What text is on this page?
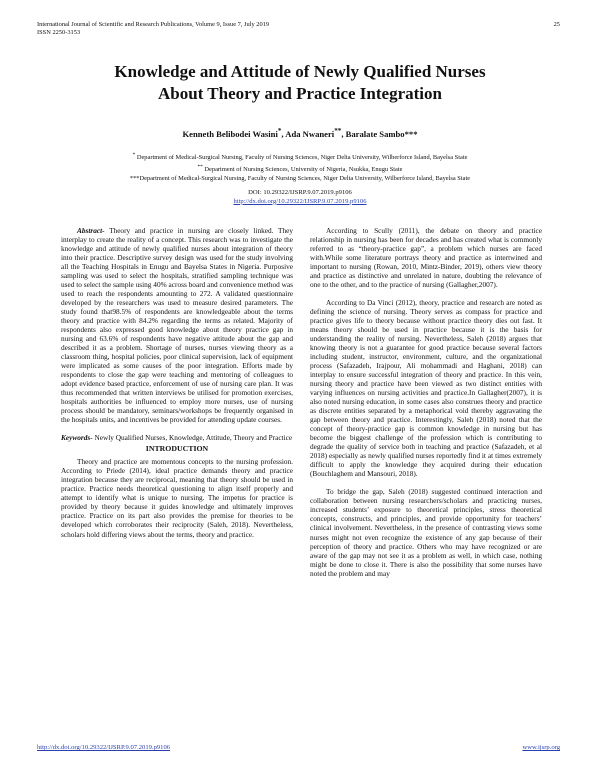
International Journal of Scientific and Research Publications, Volume 9, Issue 7, July 2019
ISSN 2250-3153
25
Knowledge and Attitude of Newly Qualified Nurses
About Theory and Practice Integration
Kenneth Belibodei Wasini*, Ada Nwaneri**, Baralate Sambo***
* Department of Medical-Surgical Nursing, Faculty of Nursing Sciences, Niger Delta University, Wilberforce Island, Bayelsa State
** Department of Nursing Sciences, University of Nigeria, Nsukka, Enugu State
***Department of Medical-Surgical Nursing, Faculty of Nursing Sciences, Niger Delta University, Wilberforce Island, Bayelsa State
DOI: 10.29322/IJSRP.9.07.2019.p9106
http://dx.doi.org/10.29322/IJSRP.9.07.2019.p9106

Abstract- Theory and practice in nursing are closely linked. They interplay to create the reality of a concept. This research was to investigate the knowledge and attitude of newly qualified nurses about integration of theory into their practice. Descriptive survey design was used for the study involving all the Teaching Hospitals in Enugu and Bayelsa States in Nigeria. Purposive sampling was used to select the hospitals, stratified sampling technique was used to select the sample using 40% across board and convenience method was used to reach the respondents amounting to 272. A validated questionnaire developed by the researchers was used to measure desired parameters. The study found that98.5% of respondents are knowledgeable about the terms theory and practice with 84.2% regarding the terms as related. Majority of respondents also expressed good knowledge about theory practice gap in nursing and 63.6% of respondents have negative attitude about the gap and described it as a problem. Shortage of nurses, nurses viewing theory as a classroom thing, hospital policies, poor clinical supervision, lack of equipment were implicated as some causes of the poor integration. Efforts made by respondents to close the gap were teaching and mentoring of colleagues to adopt evidence based practice, enforcement of use of nursing care plan. It was thus recommended that written interviews be utilised for promotion exercises, hospitals authorities be influenced to employ more nurses, use of nursing process should be mandatory, seminars/workshops be frequently organised in the hospitals units, and incentives be provided for attending update courses.

Keywords- Newly Qualified Nurses, Knowledge, Attitude, Theory and Practice

INTRODUCTION

Theory and practice are momentous concepts to the nursing profession. According to Priede (2014), ideal practice demands theory and practice integration because they are reciprocal, meaning that theory should be used in practice. Practice needs theoretical questioning to align itself properly and attempt to identify what is unique to nursing. The impetus for practice is provided by theory because it guides knowledge and ultimately improves practice. Practice on its part also provides the premise for theories to be developed which corroborates their reciprocity (Saleh, 2018). Nevertheless, scholars hold differing views about the terms, theory and practice.

According to Scully (2011), the debate on theory and practice relationship in nursing has been for decades and has created what is commonly referred to as “theory-practice gap”, a problem which nurses are faced with.While some literature portrays theory and practice as intertwined and important to nursing (Rowan, 2010, Mintz-Binder, 2019), others view theory and practice as distinctive and unrelated in nature, doubting the relevance of one to the other, and to the practice of nursing (Gallagher,2007).

According to Da Vinci (2012), theory, practice and research are noted as defining the science of nursing. Theory serves as compass for practice and practice gives life to theory because without practice theory dies out fast. It means theory should be used in practice because it is the basis for understanding the reality of nursing. Nevertheless, Saleh (2018) argues that knowing theory is not a guarantee for good practice because several factors including student, instructor, environment, culture, and the organizational process (Safazadeh, Irajpour, Ali mohammadi and Haghani, 2018) can interplay to ensure successful integration of theory and practice. In this vein, nursing theory and practice have been viewed as two distinct entities with varying influences on nursing activities and practice.In Gallagher(2007), it is also noted nursing education, in some cases also construes theory and practice as discrete entities separated by a metaphorical void thereby aggravating the gap between theory and practice. Interestingly, Saleh (2018) noted that the concept of theory-practice gap is common knowledge in nursing but has become the biggest challenge of the profession which is contributing to degrade the quality of service both in teaching and practice (Safazadeh, et al 2018) especially as newly qualified nurses reportedly find it at times extremely difficult to apply the knowledge they acquired during their education (Bouchlaghem and Mansouri, 2018).

To bridge the gap, Saleh (2018) suggested continued interaction and collaboration between nursing researchers/scholars and practicing nurses, increased students’ exposure to theoretical principles, stress theoretical concepts, constructs, and principles, and provide opportunity for teachers’ clinical involvement. Nevertheless, in the presence of contrasting views some nurses might not even recognize the existence of any gap because of their perception of theory and practice. Others who may have recognized or are aware of the gap may not see it as a problem as well, in which case, nothing might be done to close it. There is also the possibility that some nurses have noted the problem and may

http://dx.doi.org/10.29322/IJSRP.9.07.2019.p9106	www.ijsrp.org
